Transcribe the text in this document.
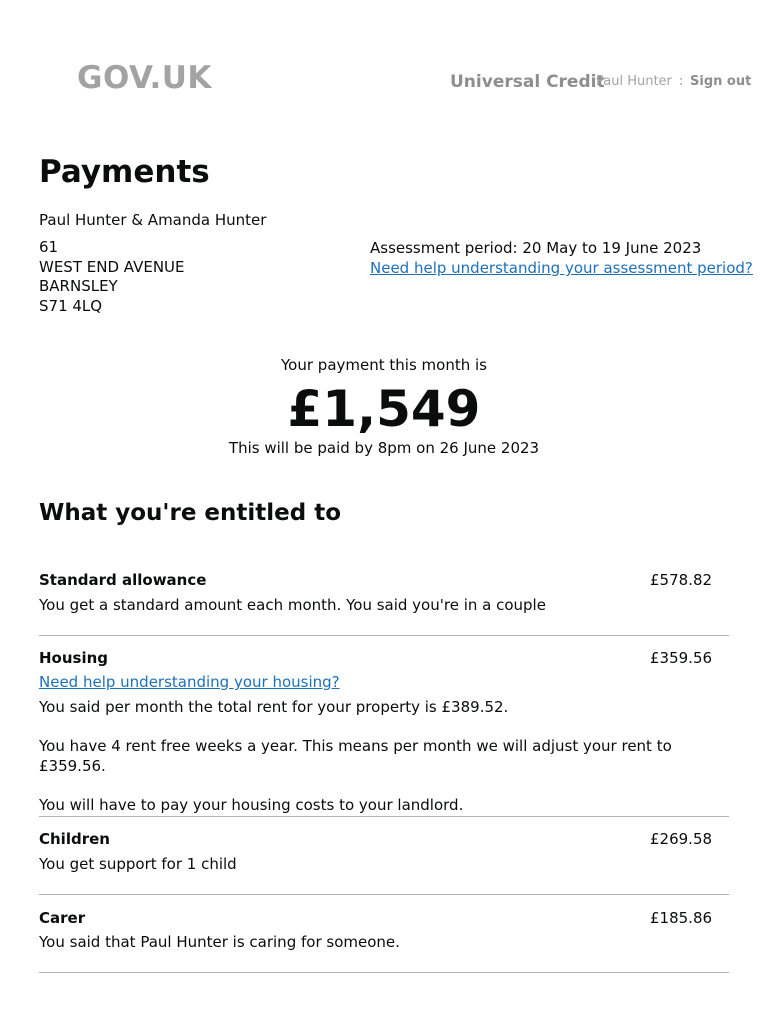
GOV.UK	Universal Credit
Paul Hunter : Sign out
Payments
Paul Hunter & Amanda Hunter
61
WEST END AVENUE
BARNSLEY
S71 4LQ
Assessment period: 20 May to 19 June 2023
Need help understanding your assessment period?
Your payment this month is
£1,549
This will be paid by 8pm on 26 June 2023
What you're entitled to
Standard allowance	£578.82

You get a standard amount each month. You said you're in a couple

Housing	£359.56
Need help understanding your housing?

You said per month the total rent for your property is £389.52.

You have 4 rent free weeks a year. This means per month we will adjust your rent to £359.56.

You will have to pay your housing costs to your landlord.

Children	£269.58

You get support for 1 child

Carer	£185.86

You said that Paul Hunter is caring for someone.
